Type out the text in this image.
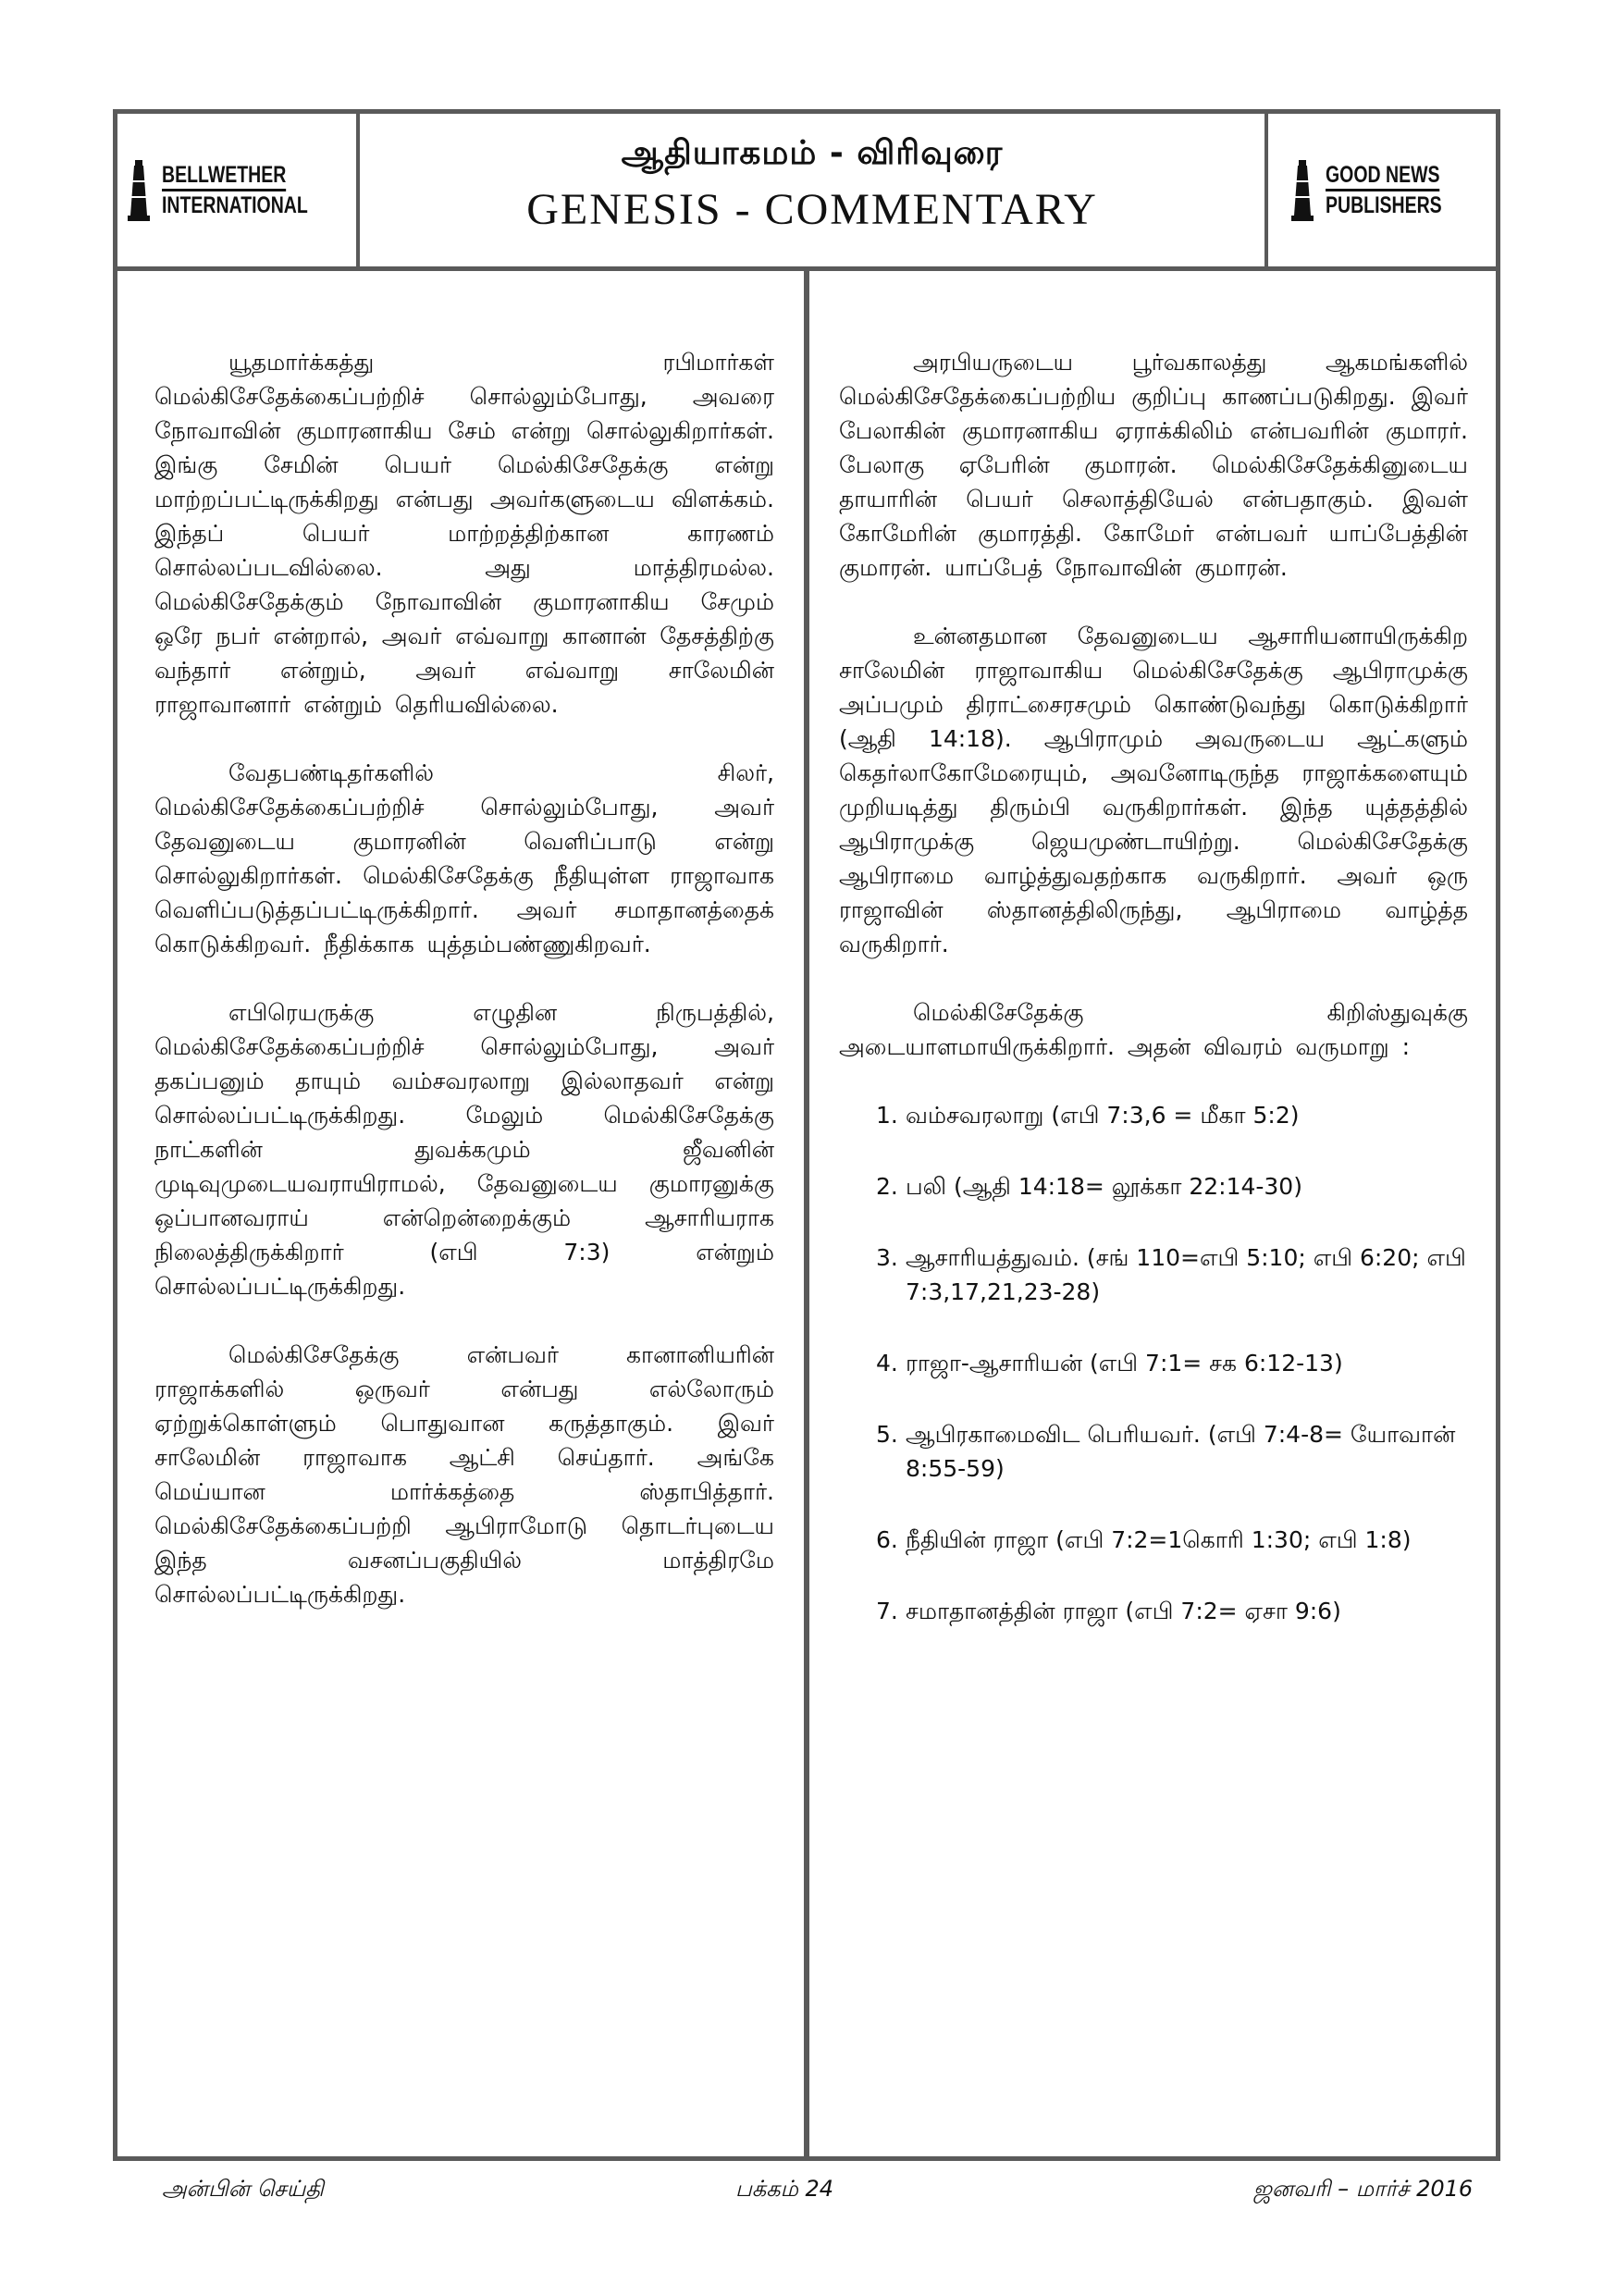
BELLWETHER

INTERNATIONAL
ஆதியாகமம் - விரிவுரை
GENESIS - COMMENTARY
GOOD NEWS

PUBLISHERS

யூதமார்க்கத்து ரபிமார்கள் மெல்கிசேதேக்கைப்பற்றிச் சொல்லும்போது, அவரை நோவாவின் குமாரனாகிய சேம் என்று சொல்லுகிறார்கள். இங்கு சேமின் பெயர் மெல்கிசேதேக்கு என்று மாற்றப்பட்டிருக்கிறது என்பது அவர்களுடைய விளக்கம். இந்தப் பெயர் மாற்றத்திற்கான காரணம் சொல்லப்படவில்லை. அது மாத்திரமல்ல. மெல்கிசேதேக்கும் நோவாவின் குமாரனாகிய சேமும் ஒரே நபர் என்றால், அவர் எவ்வாறு கானான் தேசத்திற்கு வந்தார் என்றும், அவர் எவ்வாறு சாலேமின் ராஜாவானார் என்றும் தெரியவில்லை.

வேதபண்டிதர்களில் சிலர், மெல்கிசேதேக்கைப்பற்றிச் சொல்லும்போது, அவர் தேவனுடைய குமாரனின் வெளிப்பாடு என்று சொல்லுகிறார்கள். மெல்கிசேதேக்கு நீதியுள்ள ராஜாவாக வெளிப்படுத்தப்பட்டிருக்கிறார். அவர் சமாதானத்தைக் கொடுக்கிறவர். நீதிக்காக யுத்தம்பண்ணுகிறவர்.

எபிரெயருக்கு எழுதின நிருபத்தில், மெல்கிசேதேக்கைப்பற்றிச் சொல்லும்போது, அவர் தகப்பனும் தாயும் வம்சவரலாறு இல்லாதவர் என்று சொல்லப்பட்டிருக்கிறது. மேலும் மெல்கிசேதேக்கு நாட்களின் துவக்கமும் ஜீவனின் முடிவுமுடையவராயிராமல், தேவனுடைய குமாரனுக்கு ஒப்பானவராய் என்றென்றைக்கும் ஆசாரியராக நிலைத்திருக்கிறார் (எபி 7:3) என்றும் சொல்லப்பட்டிருக்கிறது.

மெல்கிசேதேக்கு என்பவர் கானானியரின் ராஜாக்களில் ஒருவர் என்பது எல்லோரும் ஏற்றுக்கொள்ளும் பொதுவான கருத்தாகும். இவர் சாலேமின் ராஜாவாக ஆட்சி செய்தார். அங்கே மெய்யான மார்க்கத்தை ஸ்தாபித்தார். மெல்கிசேதேக்கைப்பற்றி ஆபிராமோடு தொடர்புடைய இந்த வசனப்பகுதியில் மாத்திரமே சொல்லப்பட்டிருக்கிறது.

அரபியருடைய பூர்வகாலத்து ஆகமங்களில் மெல்கிசேதேக்கைப்பற்றிய குறிப்பு காணப்படுகிறது. இவர் பேலாகின் குமாரனாகிய ஏராக்கிலிம் என்பவரின் குமாரர். பேலாகு ஏபேரின் குமாரன். மெல்கிசேதேக்கினுடைய தாயாரின் பெயர் செலாத்தியேல் என்பதாகும். இவள் கோமேரின் குமாரத்தி. கோமேர் என்பவர் யாப்பேத்தின் குமாரன். யாப்பேத் நோவாவின் குமாரன்.

உன்னதமான தேவனுடைய ஆசாரியனாயிருக்கிற சாலேமின் ராஜாவாகிய மெல்கிசேதேக்கு ஆபிராமுக்கு அப்பமும் திராட்சைரசமும் கொண்டுவந்து கொடுக்கிறார் (ஆதி 14:18). ஆபிராமும் அவருடைய ஆட்களும் கெதர்லாகோமேரையும், அவனோடிருந்த ராஜாக்களையும் முறியடித்து திரும்பி வருகிறார்கள். இந்த யுத்தத்தில் ஆபிராமுக்கு ஜெயமுண்டாயிற்று. மெல்கிசேதேக்கு ஆபிராமை வாழ்த்துவதற்காக வருகிறார். அவர் ஒரு ராஜாவின் ஸ்தானத்திலிருந்து, ஆபிராமை வாழ்த்த வருகிறார்.

மெல்கிசேதேக்கு கிறிஸ்துவுக்கு அடையாளமாயிருக்கிறார். அதன் விவரம் வருமாறு :

1. வம்சவரலாறு (எபி 7:3,6 = மீகா 5:2)
2. பலி (ஆதி 14:18= லூக்கா 22:14-30)
3. ஆசாரியத்துவம். (சங் 110=எபி 5:10; எபி 6:20; எபி 7:3,17,21,23-28)
4. ராஜா-ஆசாரியன் (எபி 7:1= சக 6:12-13)
5. ஆபிரகாமைவிட பெரியவர். (எபி 7:4-8= யோவான் 8:55-59)
6. நீதியின் ராஜா (எபி 7:2=1கொரி 1:30; எபி 1:8)
7. சமாதானத்தின் ராஜா (எபி 7:2= ஏசா 9:6)
அன்பின் செய்தி	பக்கம் 24	ஜனவரி – மார்ச் 2016
